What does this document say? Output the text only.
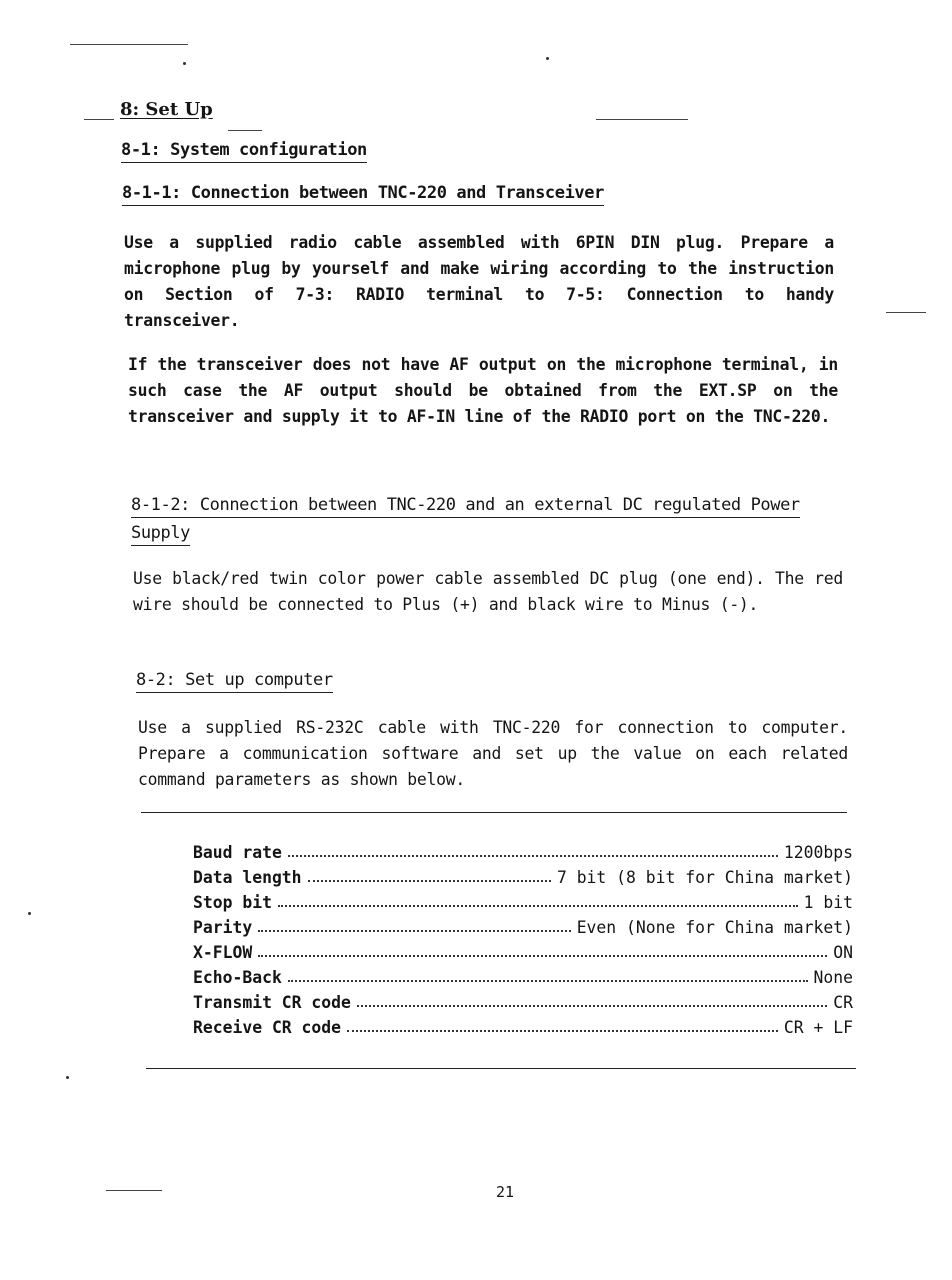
8: Set Up
8-1: System configuration
8-1-1: Connection between TNC-220 and Transceiver
Use a supplied radio cable assembled with 6PIN DIN plug. Prepare a microphone plug by yourself and make wiring according to the instruction on Section of 7-3: RADIO terminal to 7-5: Connection to handy transceiver.
If the transceiver does not have AF output on the microphone terminal, in such case the AF output should be obtained from the EXT.SP on the transceiver and supply it to AF-IN line of the RADIO port on the TNC-220.
8-1-2: Connection between TNC-220 and an external DC regulated Power Supply
Use black/red twin color power cable assembled DC plug (one end). The red wire should be connected to Plus (+) and black wire to Minus (-).
8-2: Set up computer
Use a supplied RS-232C cable with TNC-220 for connection to computer. Prepare a communication software and set up the value on each related command parameters as shown below.
Baud rate	1200bps
Data length	7 bit (8 bit for China market)
Stop bit	1 bit
Parity	Even (None for China market)
X-FLOW	ON
Echo-Back	None
Transmit CR code	CR
Receive CR code	CR + LF
21
